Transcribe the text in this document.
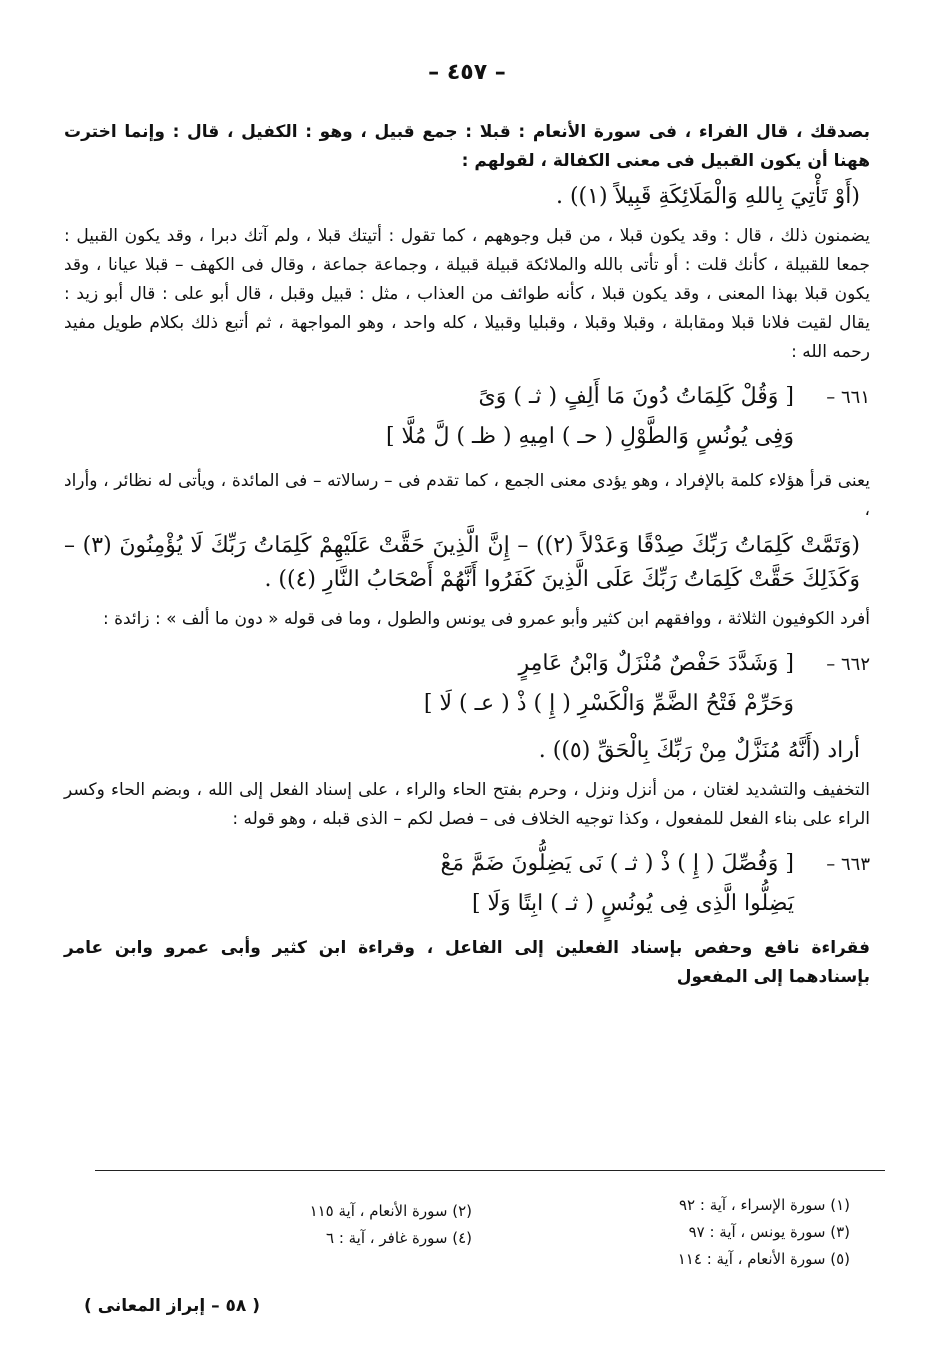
– ٤٥٧ –

بصدقك ، قال الفراء ، فى سورة الأنعام : قبلا : جمع قبيل ، وهو : الكفيل ، قال : وإنما اخترت ههنا أن يكون القبيل فى معنى الكفالة ، لقولهم :

(أَوْ تَأْتِيَ بِاللهِ وَالْمَلَائِكَةِ قَبِيلاً (١)) .

يضمنون ذلك ، قال : وقد يكون قبلا ، من قبل وجوههم ، كما تقول : أتيتك قبلا ، ولم آتك دبرا ، وقد يكون القبيل : جمعا للقبيلة ، كأنك قلت : أو تأتى بالله والملائكة قبيلة قبيلة ، وجماعة جماعة ، وقال فى الكهف – قبلا عيانا ، وقد يكون قبلا بهذا المعنى ، وقد يكون قبلا ، كأنه طوائف من العذاب ، مثل : قبيل وقبل ، قال أبو على : قال أبو زيد : يقال لقيت فلانا قبلا ومقابلة ، وقبلا وقبلا ، وقبليا وقبيلا ، كله واحد ، وهو المواجهة ، ثم أتبع ذلك بكلام طويل مفيد رحمه الله :

٦٦١ –[ وَقُلْ كَلِمَاتُ دُونَ مَا أَلِفٍ ( ثـ ) وَىً
وَفِى يُونُسٍ وَالطَّوْلِ ( حـ ) امِيهِ ( ظـ ) لَّ مُلَّا ]

يعنى قرأ هؤلاء كلمة بالإفراد ، وهو يؤدى معنى الجمع ، كما تقدم فى – رسالاته – فى المائدة ، ويأتى له نظائر ، وأراد ،

(وَتَمَّتْ كَلِمَاتُ رَبِّكَ صِدْقًا وَعَدْلاً (٢)) – إِنَّ الَّذِينَ حَقَّتْ عَلَيْهِمْ كَلِمَاتُ رَبِّكَ لَا يُؤْمِنُونَ (٣) – وَكَذَلِكَ حَقَّتْ كَلِمَاتُ رَبِّكَ عَلَى الَّذِينَ كَفَرُوا أَنَّهُمْ أَصْحَابُ النَّارِ (٤)) .

أفرد الكوفيون الثلاثة ، ووافقهم ابن كثير وأبو عمرو فى يونس والطول ، وما فى قوله « دون ما ألف » : زائدة :

٦٦٢ –[ وَشَدَّدَ حَفْصٌ مُنْزَلٌ وَابْنُ عَامِرٍ
وَحَرِّمْ فَتْحُ الضَّمِّ وَالْكَسْرِ ( إِ ) ذْ ( عـ ) لَا ]
أراد (أَنَّهُ مُنَزَّلٌ مِنْ رَبِّكَ بِالْحَقِّ (٥)) .

التخفيف والتشديد لغتان ، من أنزل ونزل ، وحرم بفتح الحاء والراء ، على إسناد الفعل إلى الله ، وبضم الحاء وكسر الراء على بناء الفعل للمفعول ، وكذا توجيه الخلاف فى – فصل لكم – الذى قبله ، وهو قوله :

٦٦٣ –[ وَفُصِّلَ ( إِ ) ذْ ( ثـ ) نَى يَضِلُّونَ ضَمَّ مَعْ
يَضِلُّوا الَّذِى فِى يُونُسٍ ( ثـ ) ابِتًا وَلَا ]

فقراءة نافع وحفص بإسناد الفعلين إلى الفاعل ، وقراءة ابن كثير وأبى عمرو وابن عامر بإسنادهما إلى المفعول

(١) سورة الإسراء ، آية : ٩٢
(٣) سورة يونس ، آية : ٩٧
(٥) سورة الأنعام ، آية : ١١٤
(٢) سورة الأنعام ، آية ١١٥
(٤) سورة غافر ، آية : ٦
( ٥٨ – إبراز المعانى )
